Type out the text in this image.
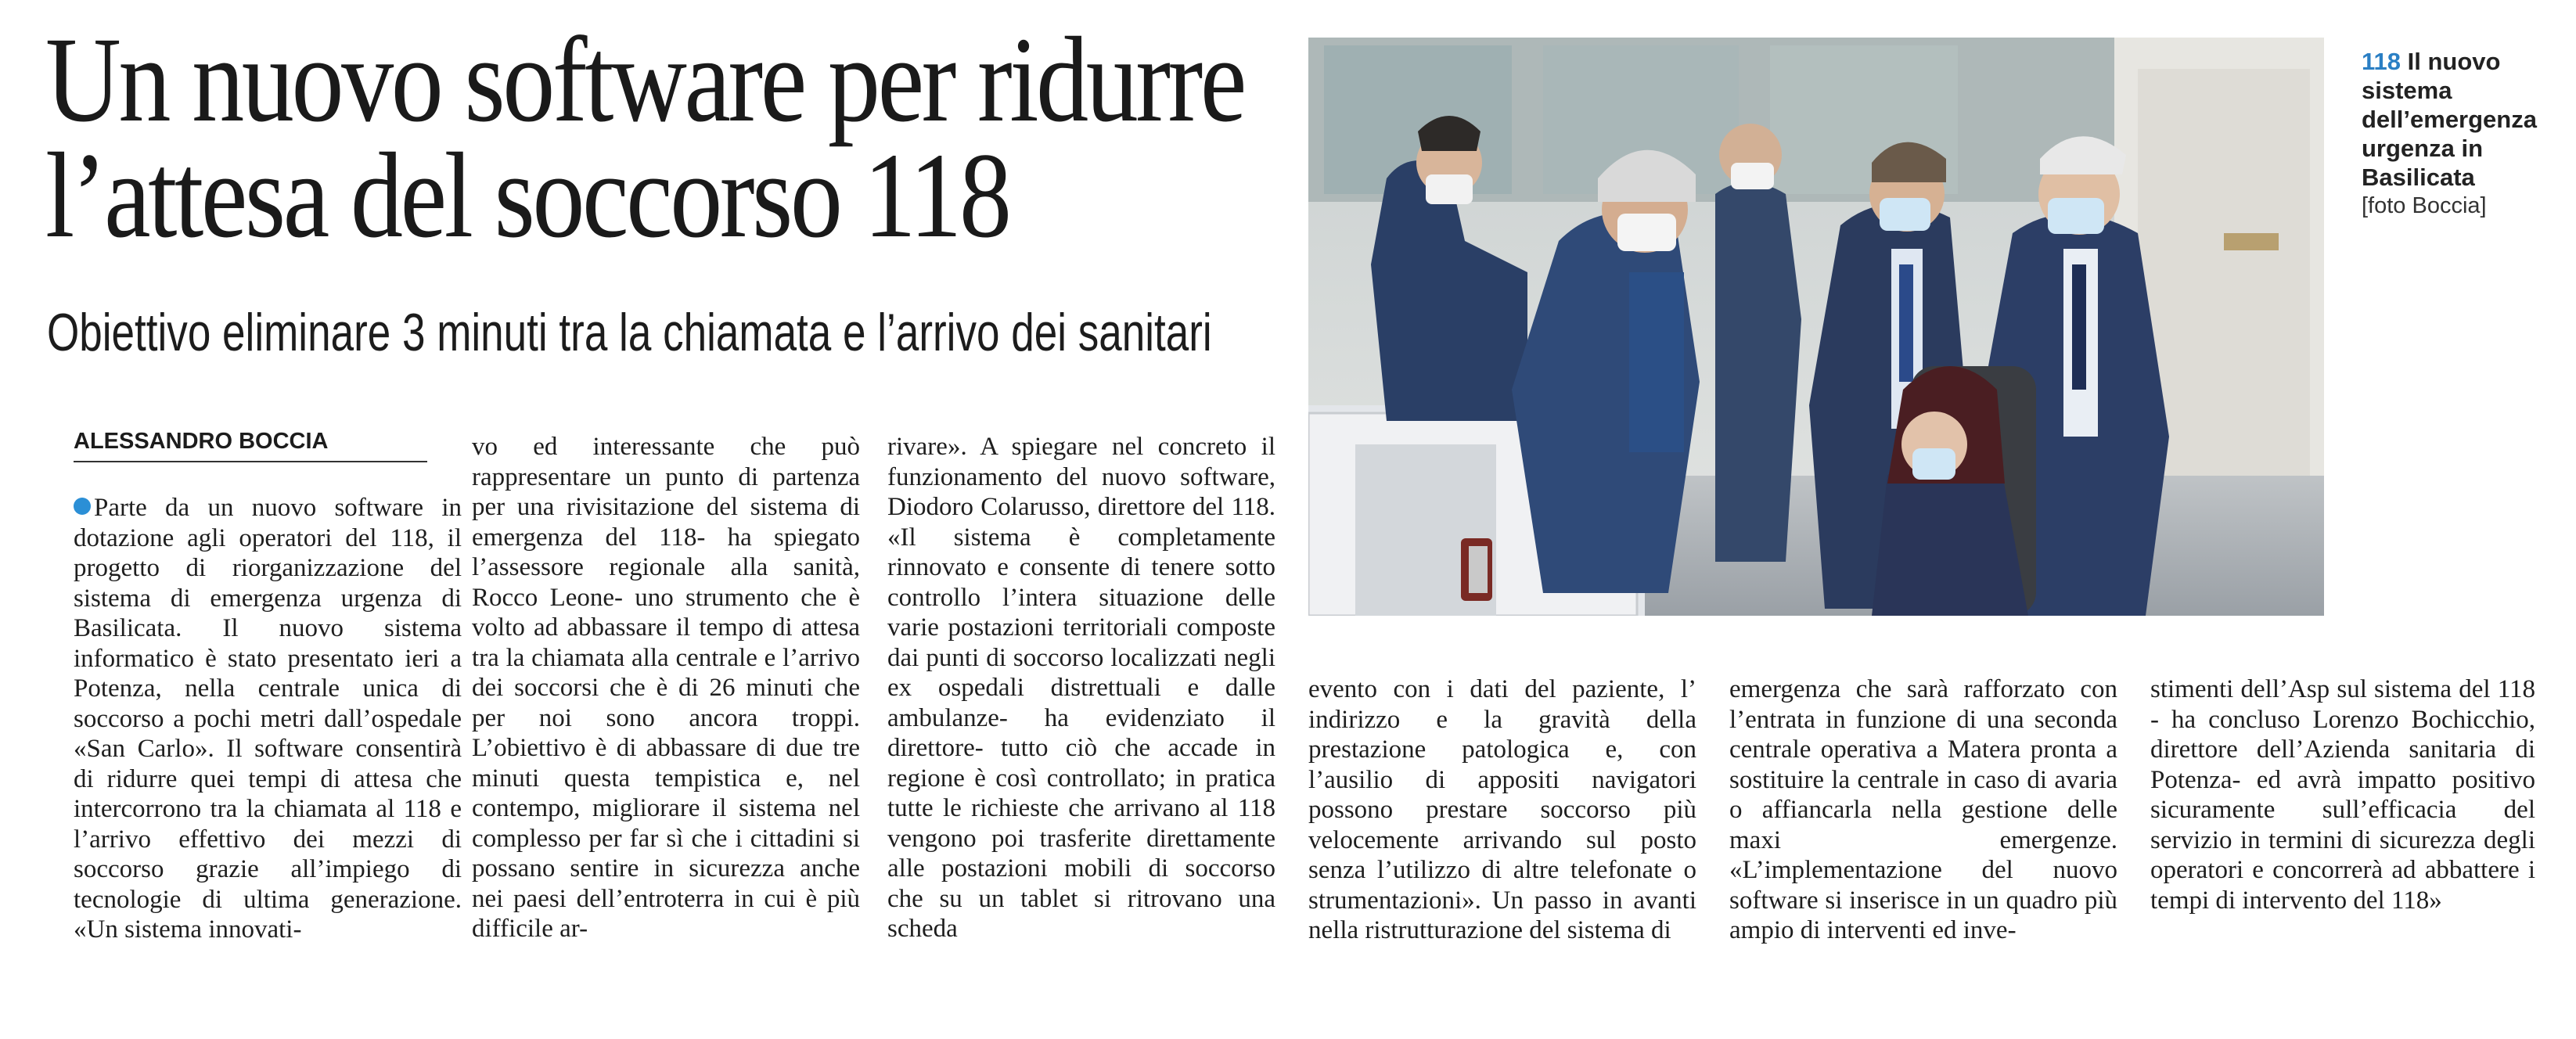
Un nuovo software per ridurre
l’attesa del soccorso 118
Obiettivo eliminare 3 minuti tra la chiamata e l’arrivo dei sanitari
ALESSANDRO BOCCIA
Parte da un nuovo software in dotazione agli operatori del 118, il progetto di riorganizzazione del sistema di emergenza urgenza di Basilicata. Il nuovo sistema informatico è stato presentato ieri a Potenza, nella centrale unica di soccorso a pochi metri dall’ospedale «San Carlo». Il software consentirà di ridurre quei tempi di attesa che intercorrono tra la chiamata al 118 e l’arrivo effettivo dei mezzi di soccorso grazie all’impiego di tecnologie di ultima generazione. «Un sistema innovati-
vo ed interessante che può rappresentare un punto di partenza per una rivisitazione del sistema di emergenza del 118- ha spiegato l’assessore regionale alla sanità, Rocco Leone- uno strumento che è volto ad abbassare il tempo di attesa tra la chiamata alla centrale e l’arrivo dei soccorsi che è di 26 minuti che per noi sono ancora troppi. L’obiettivo è di abbassare di due tre minuti questa tempistica e, nel contempo, migliorare il sistema nel complesso per far sì che i cittadini si possano sentire in sicurezza anche nei paesi dell’entroterra in cui è più difficile ar-
rivare». A spiegare nel concreto il funzionamento del nuovo software, Diodoro Colarusso, direttore del 118. «Il sistema è completamente rinnovato e consente di tenere sotto controllo l’intera situazione delle varie postazioni territoriali composte dai punti di soccorso localizzati negli ex ospedali distrettuali e dalle ambulanze- ha evidenziato il direttore- tutto ciò che accade in regione è così controllato; in pratica tutte le richieste che arrivano al 118 vengono poi trasferite direttamente alle postazioni mobili di soccorso che su un tablet si ritrovano una scheda
evento con i dati del paziente, l’ indirizzo e la gravità della prestazione patologica e, con l’ausilio di appositi navigatori possono prestare soccorso più velocemente arrivando sul posto senza l’utilizzo di altre telefonate o strumentazioni». Un passo in avanti nella ristrutturazione del sistema di
emergenza che sarà rafforzato con l’entrata in funzione di una seconda centrale operativa a Matera pronta a sostituire la centrale in caso di avaria o affiancarla nella gestione delle maxi emergenze. «L’implementazione del nuovo software si inserisce in un quadro più ampio di interventi ed inve-
stimenti dell’Asp sul sistema del 118 - ha concluso Lorenzo Bochicchio, direttore dell’Azienda sanitaria di Potenza- ed avrà impatto positivo sicuramente sull’efficacia del servizio in termini di sicurezza degli operatori e concorrerà ad abbattere i tempi di intervento del 118»
118 Il nuovo sistema dell’emergenza urgenza in Basilicata
[foto Boccia]
